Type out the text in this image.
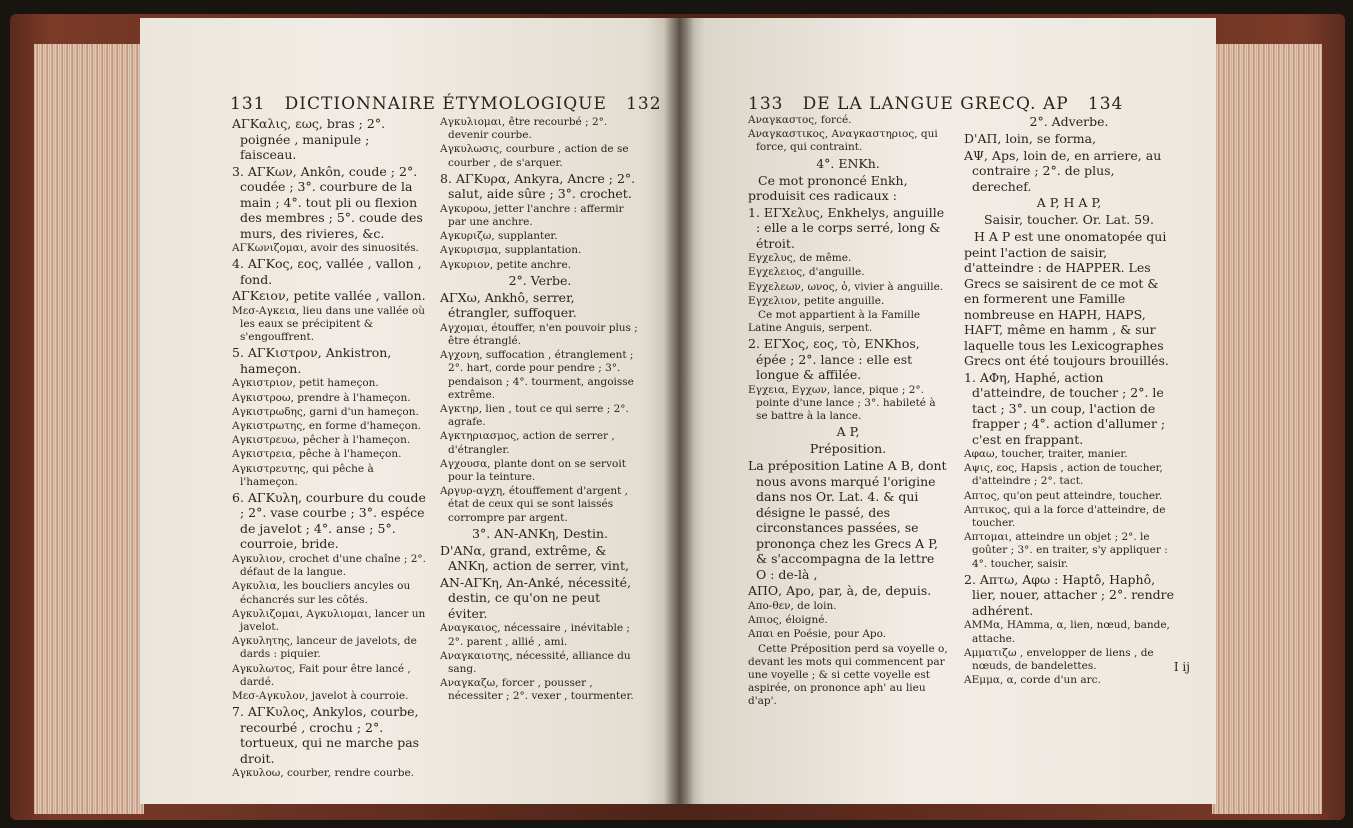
131 DICTIONNAIRE ÉTYMOLOGIQUE 132

ΑΓΚαλις, εως, bras ; 2°. poignée , manipule ; faisceau.

3. ΑΓΚων, Ankôn, coude ; 2°. coudée ; 3°. courbure de la main ; 4°. tout pli ou flexion des membres ; 5°. coude des murs, des rivieres, &c.

ΑΓΚωνιζομαι, avoir des sinuosités.

4. ΑΓΚος, εος, vallée , vallon , fond.

ΑΓΚειον, petite vallée , vallon.

Μεσ-Αγκεια, lieu dans une vallée où les eaux se précipitent & s'engouffrent.

5. ΑΓΚιστρον, Ankistron, hameçon.

Αγκιστριον, petit hameçon.

Αγκιστροω, prendre à l'hameçon.

Αγκιστρωδης, garni d'un hameçon.

Αγκιστρωτης, en forme d'hameçon.

Αγκιστρευω, pêcher à l'hameçon.

Αγκιστρεια, pêche à l'hameçon.

Αγκιστρευτης, qui pêche à l'hameçon.

6. ΑΓΚυλη, courbure du coude ; 2°. vase courbe ; 3°. espéce de javelot ; 4°. anse ; 5°. courroie, bride.

Αγκυλιον, crochet d'une chaîne ; 2°. défaut de la langue.

Αγκυλια, les boucliers ancyles ou échancrés sur les côtés.

Αγκυλιζομαι, Αγκυλιομαι, lancer un javelot.

Αγκυλητης, lanceur de javelots, de dards : piquier.

Αγκυλωτος, Fait pour être lancé , dardé.

Μεσ-Αγκυλον, javelot à courroie.

7. ΑΓΚυλος, Ankylos, courbe, recourbé , crochu ; 2°. tortueux, qui ne marche pas droit.

Αγκυλοω, courber, rendre courbe.

Αγκυλιομαι, être recourbé ; 2°. devenir courbe.

Αγκυλωσις, courbure , action de se courber , de s'arquer.

8. ΑΓΚυρα, Ankyra, Ancre ; 2°. salut, aide sûre ; 3°. crochet.

Αγκυροω, jetter l'anchre : affermir par une anchre.

Αγκυριζω, supplanter.

Αγκυρισμα, supplantation.

Αγκυριον, petite anchre.

2°. Verbe.

ΑΓΧω, Ankhô, serrer, étrangler, suffoquer.

Αγχομαι, étouffer, n'en pouvoir plus ; être étranglé.

Αγχονη, suffocation , étranglement ; 2°. hart, corde pour pendre ; 3°. pendaison ; 4°. tourment, angoisse extrême.

Αγκτηρ, lien , tout ce qui serre ; 2°. agrafe.

Αγκτηριασμος, action de serrer , d'étrangler.

Αγχουσα, plante dont on se servoit pour la teinture.

Αργυρ-αγχη, étouffement d'argent , état de ceux qui se sont laissés corrompre par argent.

3°. ΑΝ-ΑΝΚη, Destin.

D'ΑΝα, grand, extrême, & ΑΝΚη, action de serrer, vint,

ΑΝ-ΑΓΚη, An-Anké, nécessité, destin, ce qu'on ne peut éviter.

Αναγκαιος, nécessaire , inévitable ; 2°. parent , allié , ami.

Αναγκαιοτης, nécessité, alliance du sang.

Αναγκαζω, forcer , pousser , nécessiter ; 2°. vexer , tourmenter.

133 DE LA LANGUE GRECQ. AP 134

Αναγκαστος, forcé.

Αναγκαστικος, Αναγκαστηριος, qui force, qui contraint.

4°. ΕΝΚh.

Ce mot prononcé Enkh, produisit ces radicaux :

1. ΕΓΧελυς, Enkhelys, anguille : elle a le corps serré, long & étroit.

Εγχελυς, de même.

Εγχελειος, d'anguille.

Εγχελεων, ωνος, ὁ, vivier à anguille.

Εγχελιον, petite anguille.

Ce mot appartient à la Famille Latine Anguis, serpent.

2. ΕΓΧος, εος, τὸ, ENKhos, épée ; 2°. lance : elle est longue & affilée.

Εγχεια, Εγχων, lance, pique ; 2°. pointe d'une lance ; 3°. habileté à se battre à la lance.

A P,

Préposition.

La préposition Latine A B, dont nous avons marqué l'origine dans nos Or. Lat. 4. & qui désigne le passé, des circonstances passées, se prononça chez les Grecs A P, & s'accompagna de la lettre O : de-là ,

ΑΠΟ, Apo, par, à, de, depuis.

Απο-θεν, de loin.

Απιος, éloigné.

Απαι en Poésie, pour Apo.

Cette Préposition perd sa voyelle o, devant les mots qui commencent par une voyelle ; & si cette voyelle est aspirée, on prononce aph' au lieu d'ap'.

2°. Adverbe.

D'ΑΠ, loin, se forma,

ΑΨ, Aps, loin de, en arriere, au contraire ; 2°. de plus, derechef.

A P, H A P,

Saisir, toucher. Or. Lat. 59.

H A P est une onomatopée qui peint l'action de saisir, d'atteindre : de HAPPER. Les Grecs se saisirent de ce mot & en formerent une Famille nombreuse en ΗΑΡΗ, ΗΑΡS, ΗΑFT, même en hamm , & sur laquelle tous les Lexicographes Grecs ont été toujours brouillés.

1. ΑΦη, Haphé, action d'atteindre, de toucher ; 2°. le tact ; 3°. un coup, l'action de frapper ; 4°. action d'allumer ; c'est en frappant.

Αφαω, toucher, traiter, manier.

Αψις, εος, Hapsis , action de toucher, d'atteindre ; 2°. tact.

Απτος, qu'on peut atteindre, toucher.

Απτικος, qui a la force d'atteindre, de toucher.

Απτομαι, atteindre un objet ; 2°. le goûter ; 3°. en traiter, s'y appliquer : 4°. toucher, saisir.

2. Απτω, Αφω : Haptô, Haphô, lier, nouer, attacher ; 2°. rendre adhérent.

ΑΜΜα, HAmma, α, lien, nœud, bande, attache.

Αμματιζω , envelopper de liens , de nœuds, de bandelettes.

ΑΕμμα, α, corde d'un arc.

I ij
